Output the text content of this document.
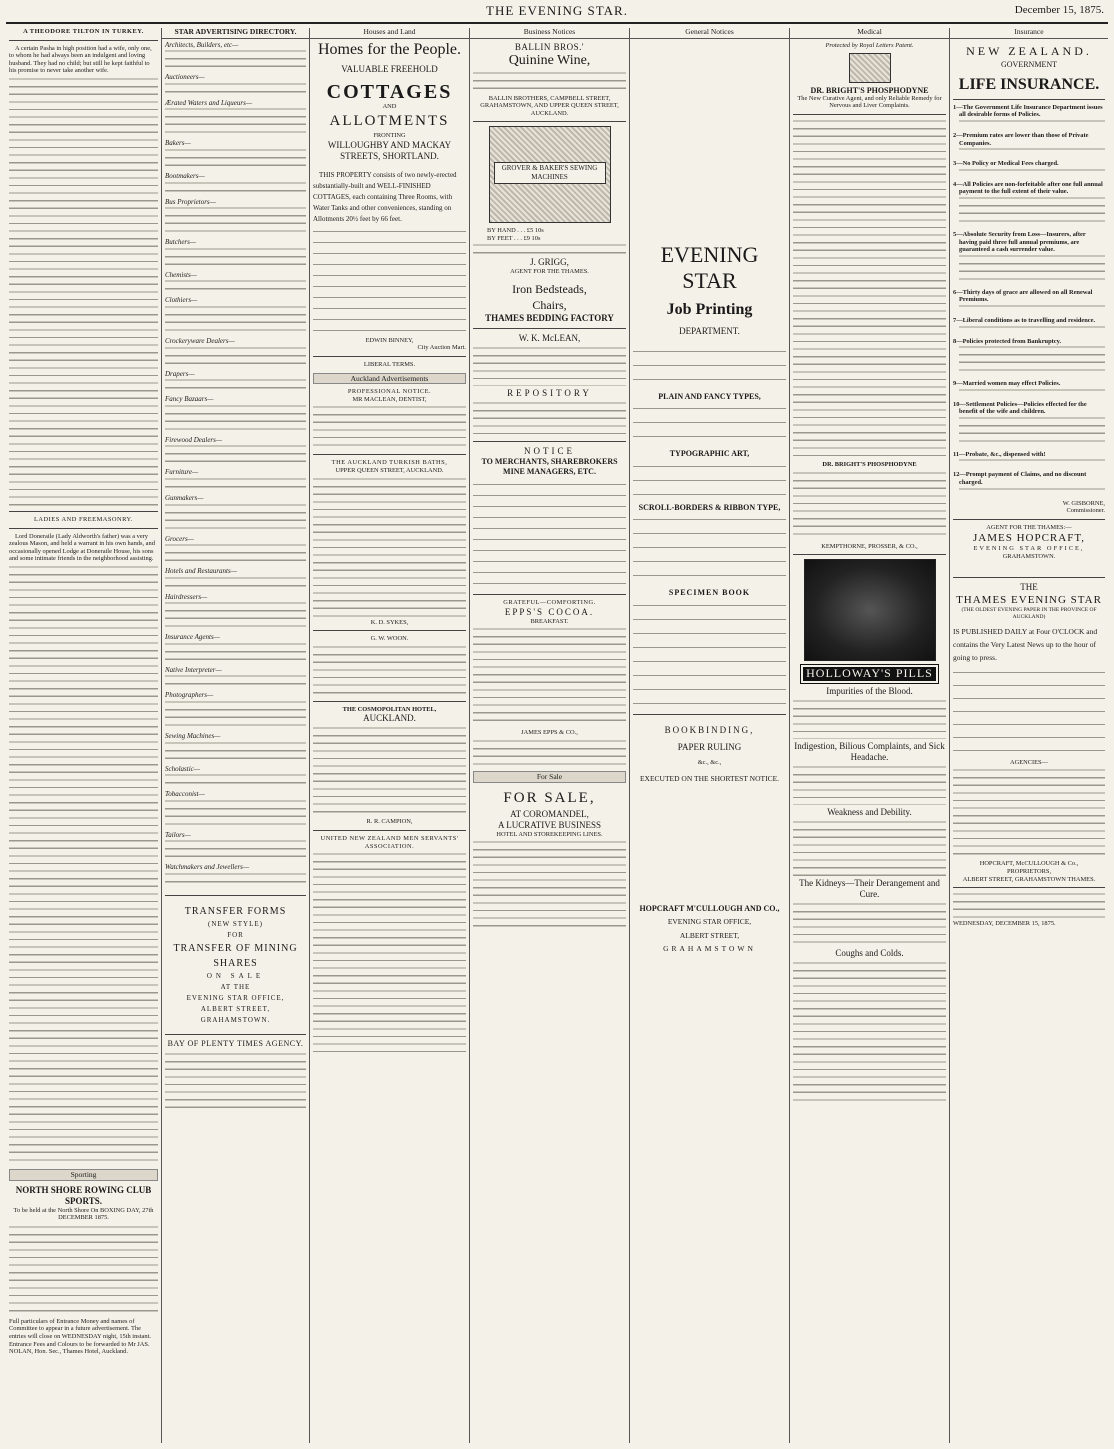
THE EVENING STAR.	December 15, 1875.
A THEODORE TILTON IN TURKEY.

A certain Pasha in high position had a wife, only one, to whom he had always been an indulgent and loving husband. They had no child; but still he kept faithful to his promise to never take another wife.

LADIES AND FREEMASONRY.

Lord Doneraile (Lady Aldworth's father) was a very zealous Mason, and held a warrant in his own hands, and occasionally opened Lodge at Doneraile House, his sons and some intimate friends in the neighborhood assisting.

Sporting
NORTH SHORE ROWING CLUB SPORTS.
To be held at the North Shore On BOXING DAY, 27th DECEMBER 1875.

Full particulars of Entrance Money and names of Committee to appear in a future advertisement. The entries will close on WEDNESDAY night, 15th instant. Entrance Fees and Colours to be forwarded to Mr JAS. NOLAN, Hon. Sec., Thames Hotel, Auckland.

STAR ADVERTISING DIRECTORY.
Architects, Builders, etc—
Auctioneers—
Ærated Waters and Liqueurs—
Bakers—
Bootmakers—
Bus Proprietors—
Butchers—
Chemists—
Clothiers—
Crockeryware Dealers—
Drapers—
Fancy Bazaars—
Firewood Dealers—
Furniture—
Gunmakers—
Grocers—
Hotels and Restaurants—
Hairdressers—
Insurance Agents—
Native Interpreter—
Photographers—
Sewing Machines—
Scholastic—
Tobacconist—
Tailors—
Watchmakers and Jewellers—
TRANSFER FORMS
(NEW STYLE)
FOR
TRANSFER OF MINING
SHARES
ON SALE
AT THE
EVENING STAR OFFICE,
ALBERT STREET,
GRAHAMSTOWN.
BAY OF PLENTY TIMES AGENCY.
Houses and Land
Homes for the People.
VALUABLE FREEHOLD
COTTAGES
AND
ALLOTMENTS
FRONTING
WILLOUGHBY AND MACKAY STREETS, SHORTLAND.

THIS PROPERTY consists of two newly-erected substantially-built and WELL-FINISHED COTTAGES, each containing Three Rooms, with Water Tanks and other conveniences, standing on Allotments 20½ feet by 66 feet.

EDWIN BINNEY,
City Auction Mart.
LIBERAL TERMS.
Auckland Advertisements
PROFESSIONAL NOTICE.
MR MACLEAN, DENTIST,
THE AUCKLAND TURKISH BATHS,
UPPER QUEEN STREET, AUCKLAND.
K. D. SYKES,
G. W. WOON.
THE COSMOPOLITAN HOTEL,
AUCKLAND.
R. R. CAMPION,
UNITED NEW ZEALAND MEN SERVANTS' ASSOCIATION.
Business Notices
BALLIN BROS.'
Quinine Wine,
BALLIN BROTHERS, CAMPBELL STREET, GRAHAMSTOWN, AND UPPER QUEEN STREET, AUCKLAND.
GROVER & BAKER'S SEWING MACHINES
BY HAND . . . £5 10s
BY FEET . . . £9 10s
J. GRIGG,
AGENT FOR THE THAMES.
Iron Bedsteads,
Chairs,
THAMES BEDDING FACTORY
W. K. McLEAN,
REPOSITORY
NOTICE
TO MERCHANTS, SHAREBROKERS MINE MANAGERS, ETC.
GRATEFUL—COMFORTING.
EPPS'S COCOA.
BREAKFAST.
JAMES EPPS & CO.,
For Sale
FOR SALE,
AT COROMANDEL,
A LUCRATIVE BUSINESS
HOTEL AND STOREKEEPING LINES.
General Notices
EVENING STAR
Job Printing
DEPARTMENT.
PLAIN AND FANCY TYPES,
TYPOGRAPHIC ART,
SCROLL-BORDERS & RIBBON TYPE,
SPECIMEN BOOK
BOOKBINDING,
PAPER RULING
&c., &c.,
EXECUTED ON THE SHORTEST NOTICE.
HOPCRAFT M'CULLOUGH AND CO.,
EVENING STAR OFFICE,
ALBERT STREET,
GRAHAMSTOWN
Medical
Protected by Royal Letters Patent.
DR. BRIGHT'S PHOSPHODYNE
The New Curative Agent, and only Reliable Remedy for Nervous and Liver Complaints.
DR. BRIGHT'S PHOSPHODYNE
KEMPTHORNE, PROSSER, & CO.,
HOLLOWAY'S PILLS
Impurities of the Blood.
Indigestion, Bilious Complaints, and Sick Headache.
Weakness and Debility.
The Kidneys—Their Derangement and Cure.
Coughs and Colds.
Insurance
NEW ZEALAND.
GOVERNMENT
LIFE INSURANCE.
1—The Government Life Insurance Department issues all desirable forms of Policies.
2—Premium rates are lower than those of Private Companies.
3—No Policy or Medical Fees charged.
4—All Policies are non-forfeitable after one full annual payment to the full extent of their value.
5—Absolute Security from Loss—Insurers, after having paid three full annual premiums, are guaranteed a cash surrender value.
6—Thirty days of grace are allowed on all Renewal Premiums.
7—Liberal conditions as to travelling and residence.
8—Policies protected from Bankruptcy.
9—Married women may effect Policies.
10—Settlement Policies—Policies effected for the benefit of the wife and children.
11—Probate, &c., dispensed with!
12—Prompt payment of Claims, and no discount charged.
W. GISBORNE,
Commissioner.
AGENT FOR THE THAMES:—
JAMES HOPCRAFT,
EVENING STAR OFFICE,
GRAHAMSTOWN.
THE
THAMES EVENING STAR
(THE OLDEST EVENING PAPER IN THE PROVINCE OF AUCKLAND)

IS PUBLISHED DAILY at Four O'CLOCK and contains the Very Latest News up to the hour of going to press.

AGENCIES—
HOPCRAFT, McCULLOUGH & Co.,
PROPRIETORS,
ALBERT STREET, GRAHAMSTOWN THAMES.
WEDNESDAY, DECEMBER 15, 1875.
